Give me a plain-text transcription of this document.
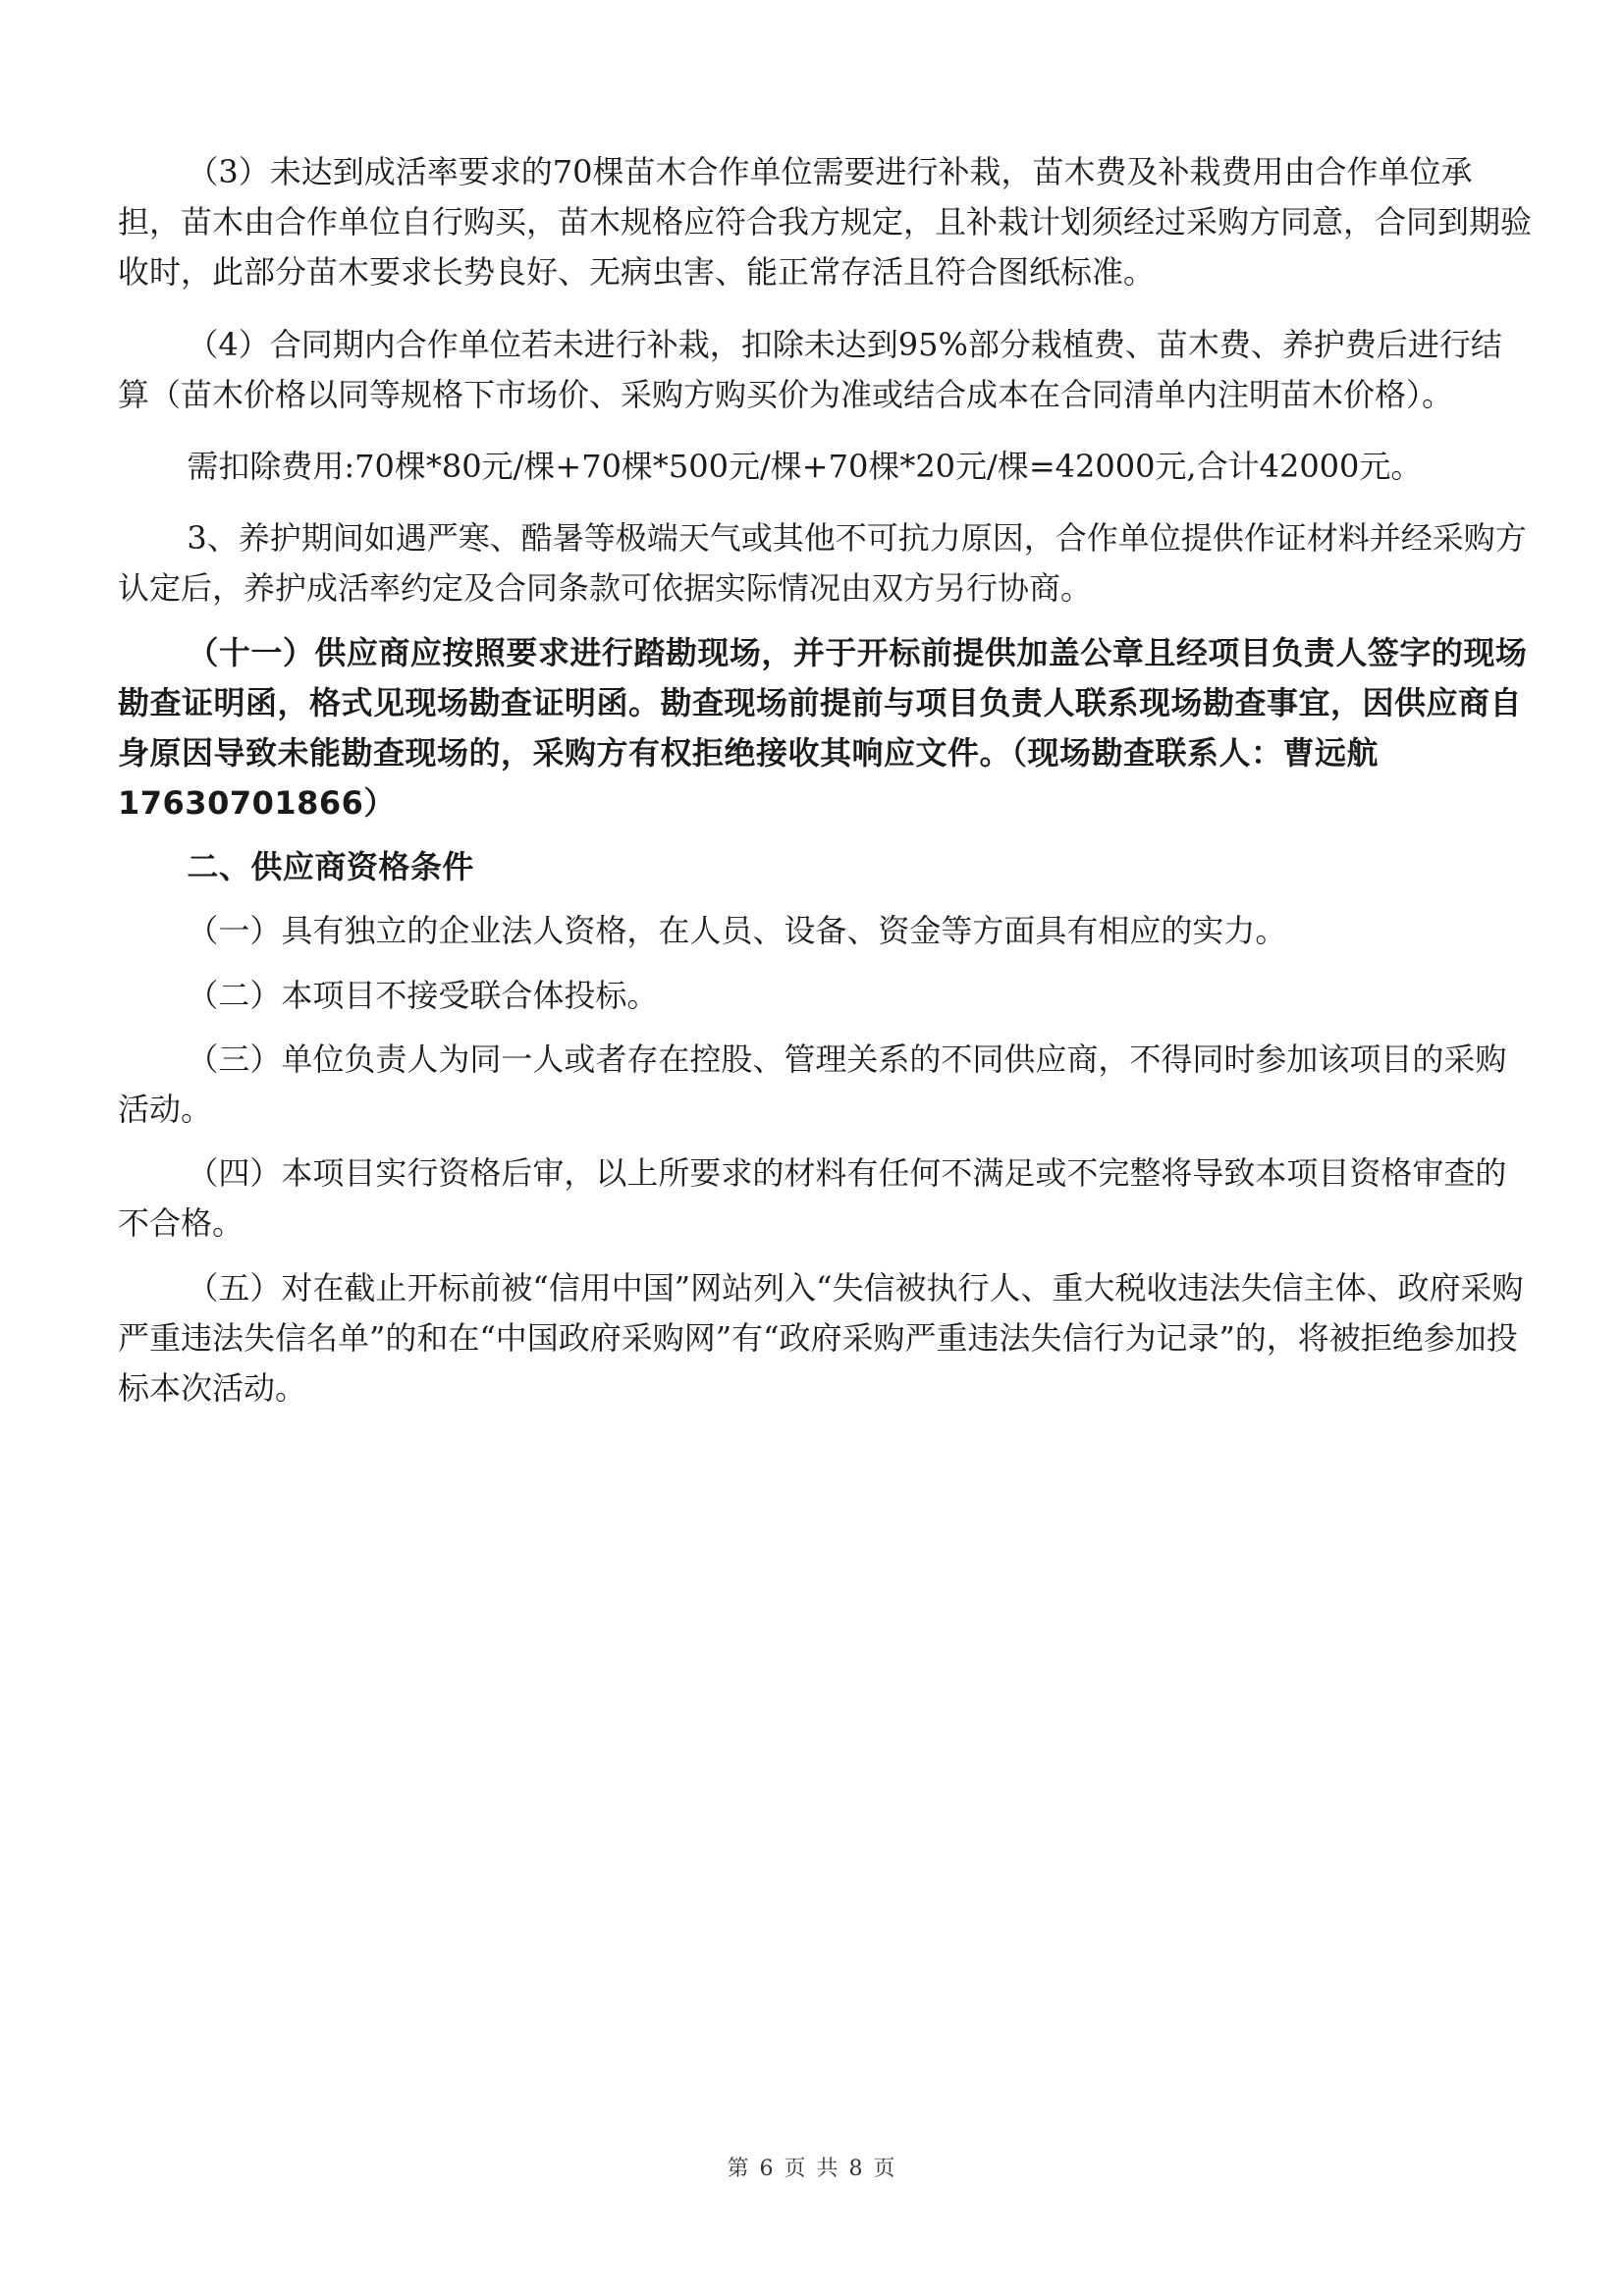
（3）未达到成活率要求的70棵苗木合作单位需要进行补栽，苗木费及补栽费用由合作单位承担，苗木由合作单位自行购买，苗木规格应符合我方规定，且补栽计划须经过采购方同意，合同到期验收时，此部分苗木要求长势良好、无病虫害、能正常存活且符合图纸标准。

（4）合同期内合作单位若未进行补栽，扣除未达到95%部分栽植费、苗木费、养护费后进行结算（苗木价格以同等规格下市场价、采购方购买价为准或结合成本在合同清单内注明苗木价格）。

需扣除费用:70棵*80元/棵+70棵*500元/棵+70棵*20元/棵=42000元,合计42000元。

3、养护期间如遇严寒、酷暑等极端天气或其他不可抗力原因，合作单位提供作证材料并经采购方认定后，养护成活率约定及合同条款可依据实际情况由双方另行协商。

（十一）供应商应按照要求进行踏勘现场，并于开标前提供加盖公章且经项目负责人签字的现场勘查证明函，格式见现场勘查证明函。勘查现场前提前与项目负责人联系现场勘查事宜，因供应商自身原因导致未能勘查现场的，采购方有权拒绝接收其响应文件。（现场勘查联系人：曹远航 17630701866）

二、供应商资格条件

（一）具有独立的企业法人资格，在人员、设备、资金等方面具有相应的实力。

（二）本项目不接受联合体投标。

（三）单位负责人为同一人或者存在控股、管理关系的不同供应商，不得同时参加该项目的采购活动。

（四）本项目实行资格后审，以上所要求的材料有任何不满足或不完整将导致本项目资格审查的不合格。

（五）对在截止开标前被“信用中国”网站列入“失信被执行人、重大税收违法失信主体、政府采购严重违法失信名单”的和在“中国政府采购网”有“政府采购严重违法失信行为记录”的，将被拒绝参加投标本次活动。

第 6 页 共 8 页
